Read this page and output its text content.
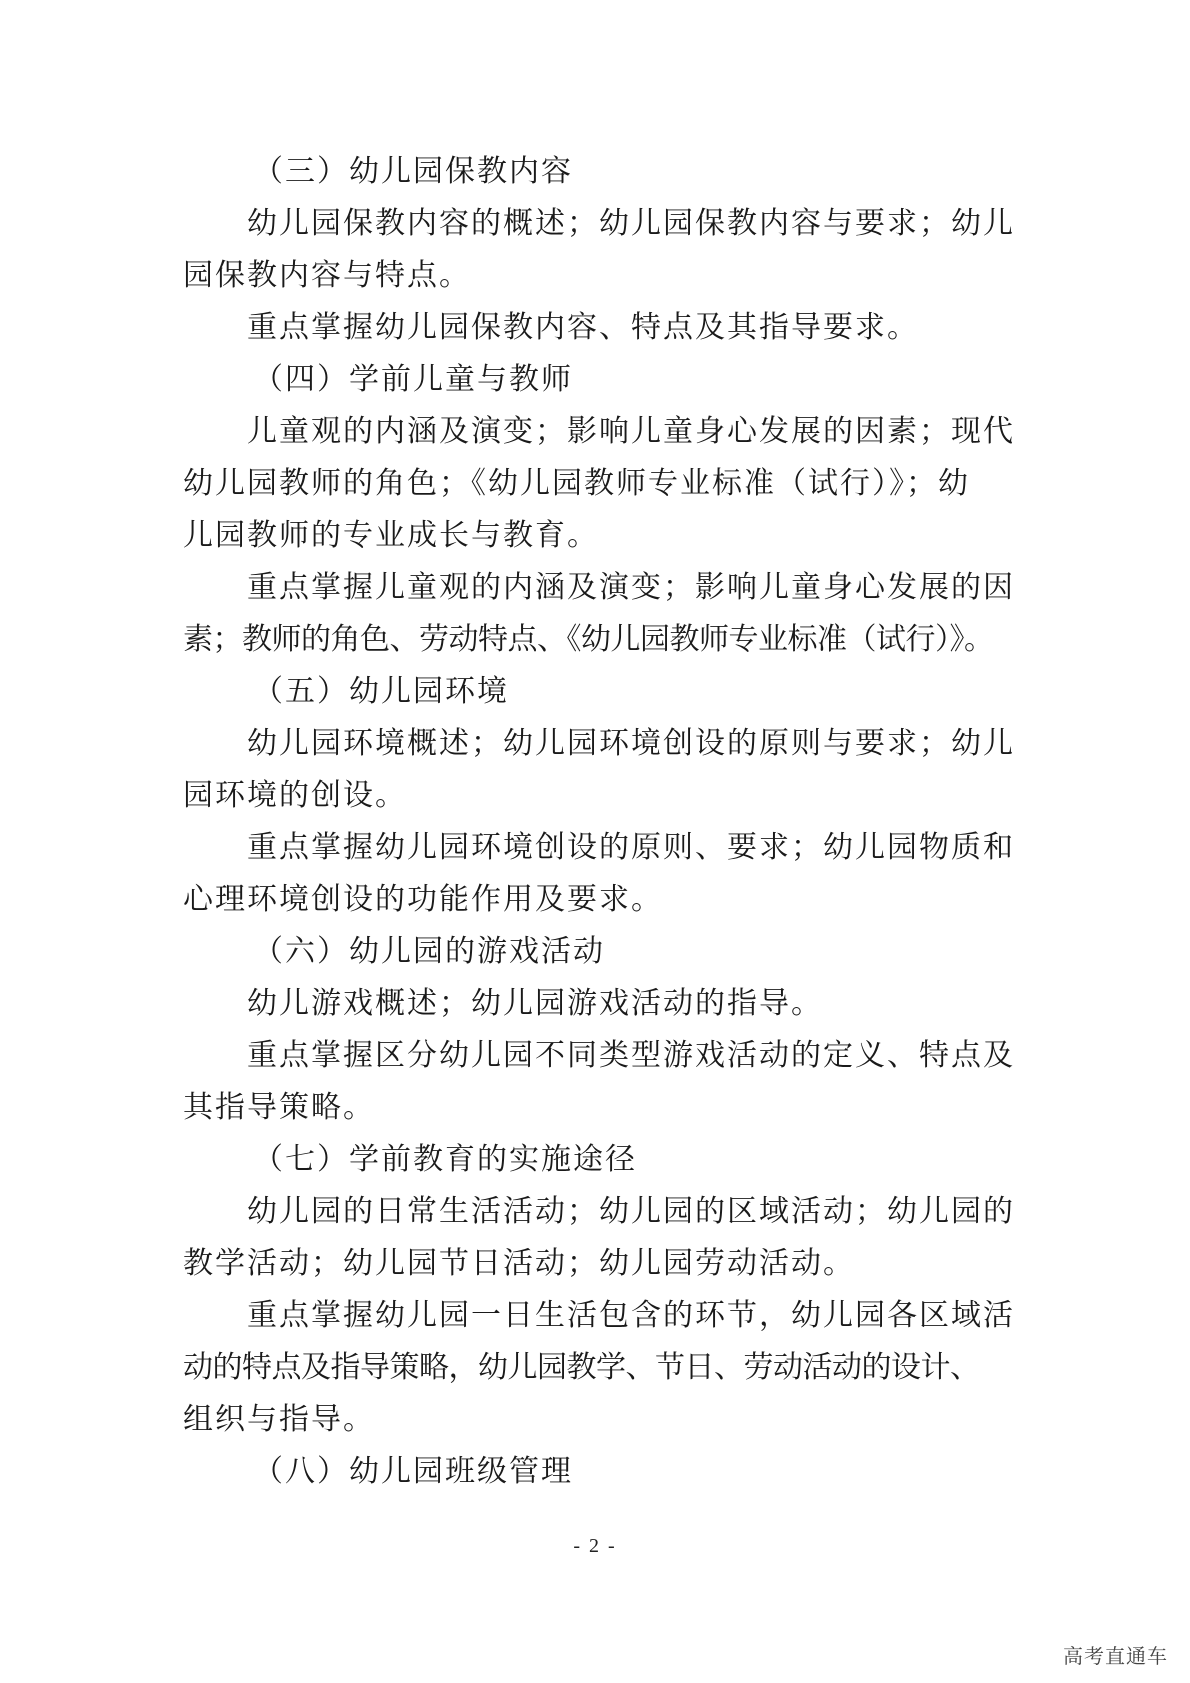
（三）幼儿园保教内容
幼儿园保教内容的概述；幼儿园保教内容与要求；幼儿
园保教内容与特点。
重点掌握幼儿园保教内容、特点及其指导要求。
（四）学前儿童与教师
儿童观的内涵及演变；影响儿童身心发展的因素；现代
幼儿园教师的角色；《幼儿园教师专业标准（试行）》；幼
儿园教师的专业成长与教育。
重点掌握儿童观的内涵及演变；影响儿童身心发展的因
素；教师的角色、劳动特点、《幼儿园教师专业标准（试行）》。
（五）幼儿园环境
幼儿园环境概述；幼儿园环境创设的原则与要求；幼儿
园环境的创设。
重点掌握幼儿园环境创设的原则、要求；幼儿园物质和
心理环境创设的功能作用及要求。
（六）幼儿园的游戏活动
幼儿游戏概述；幼儿园游戏活动的指导。
重点掌握区分幼儿园不同类型游戏活动的定义、特点及
其指导策略。
（七）学前教育的实施途径
幼儿园的日常生活活动；幼儿园的区域活动；幼儿园的
教学活动；幼儿园节日活动；幼儿园劳动活动。
重点掌握幼儿园一日生活包含的环节，幼儿园各区域活
动的特点及指导策略，幼儿园教学、节日、劳动活动的设计、
组织与指导。
（八）幼儿园班级管理
- 2 -
高考直通车
